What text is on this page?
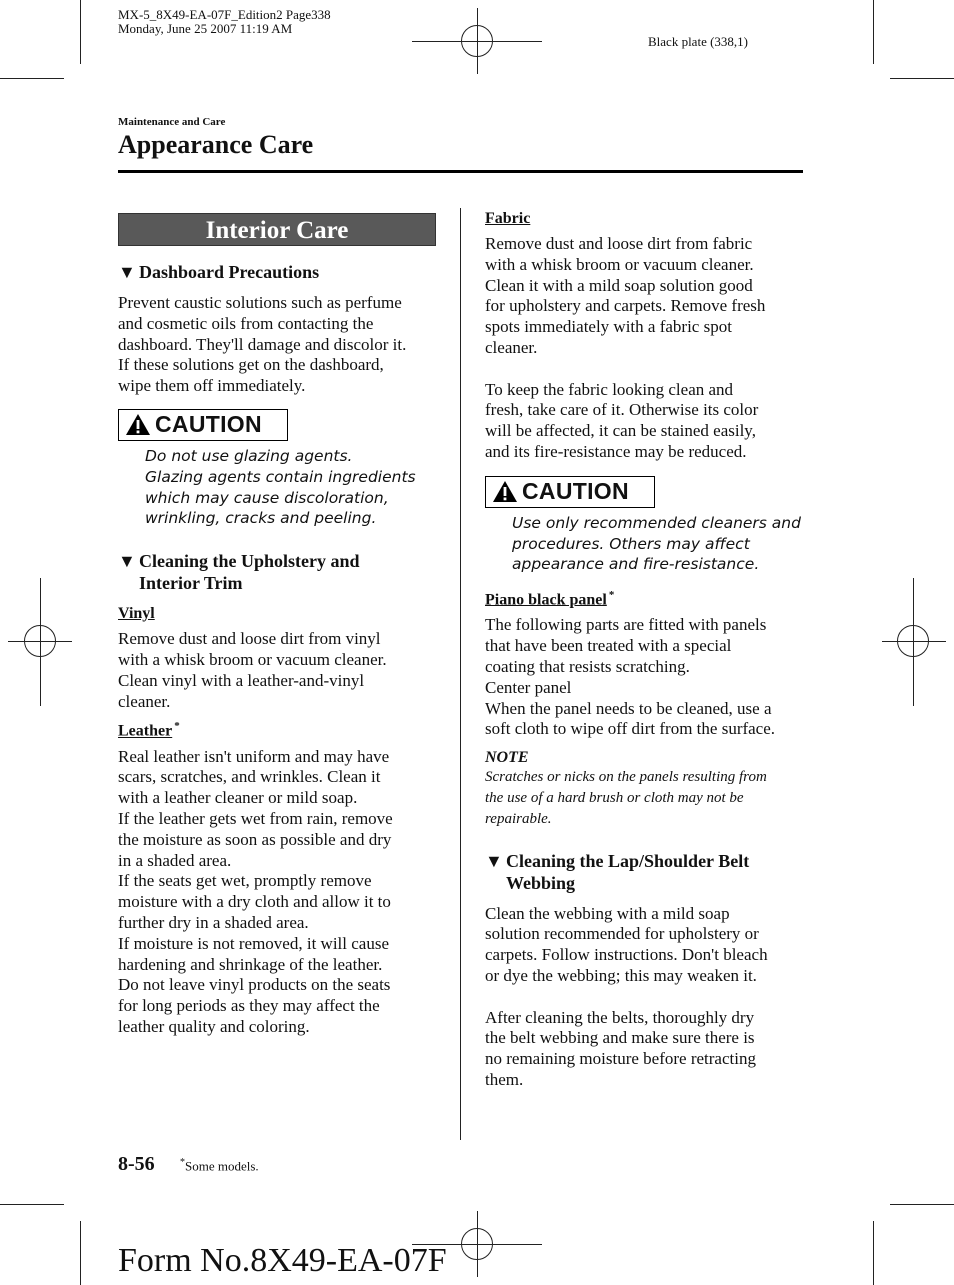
MX-5_8X49-EA-07F_Edition2 Page338
Monday, June 25 2007 11:19 AM
Black plate (338,1)
Maintenance and Care
Appearance Care
Interior Care
▼ Dashboard Precautions
Prevent caustic solutions such as perfume
and cosmetic oils from contacting the
dashboard. They'll damage and discolor it.
If these solutions get on the dashboard,
wipe them off immediately.
CAUTION
Do not use glazing agents.
Glazing agents contain ingredients
which may cause discoloration,
wrinkling, cracks and peeling.
▼ Cleaning the Upholstery and
Interior Trim
Vinyl
Remove dust and loose dirt from vinyl
with a whisk broom or vacuum cleaner.
Clean vinyl with a leather-and-vinyl
cleaner.
Leather *
Real leather isn't uniform and may have
scars, scratches, and wrinkles. Clean it
with a leather cleaner or mild soap.
If the leather gets wet from rain, remove
the moisture as soon as possible and dry
in a shaded area.
If the seats get wet, promptly remove
moisture with a dry cloth and allow it to
further dry in a shaded area.
If moisture is not removed, it will cause
hardening and shrinkage of the leather.
Do not leave vinyl products on the seats
for long periods as they may affect the
leather quality and coloring.
Fabric
Remove dust and loose dirt from fabric
with a whisk broom or vacuum cleaner.
Clean it with a mild soap solution good
for upholstery and carpets. Remove fresh
spots immediately with a fabric spot
cleaner.
To keep the fabric looking clean and
fresh, take care of it. Otherwise its color
will be affected, it can be stained easily,
and its fire-resistance may be reduced.
CAUTION
Use only recommended cleaners and
procedures. Others may affect
appearance and fire-resistance.
Piano black panel *
The following parts are fitted with panels
that have been treated with a special
coating that resists scratching.
Center panel
When the panel needs to be cleaned, use a
soft cloth to wipe off dirt from the surface.
NOTE
Scratches or nicks on the panels resulting from
the use of a hard brush or cloth may not be
repairable.
▼ Cleaning the Lap/Shoulder Belt
Webbing
Clean the webbing with a mild soap
solution recommended for upholstery or
carpets. Follow instructions. Don't bleach
or dye the webbing; this may weaken it.
After cleaning the belts, thoroughly dry
the belt webbing and make sure there is
no remaining moisture before retracting
them.
8-56	*Some models.
Form No.8X49-EA-07F
